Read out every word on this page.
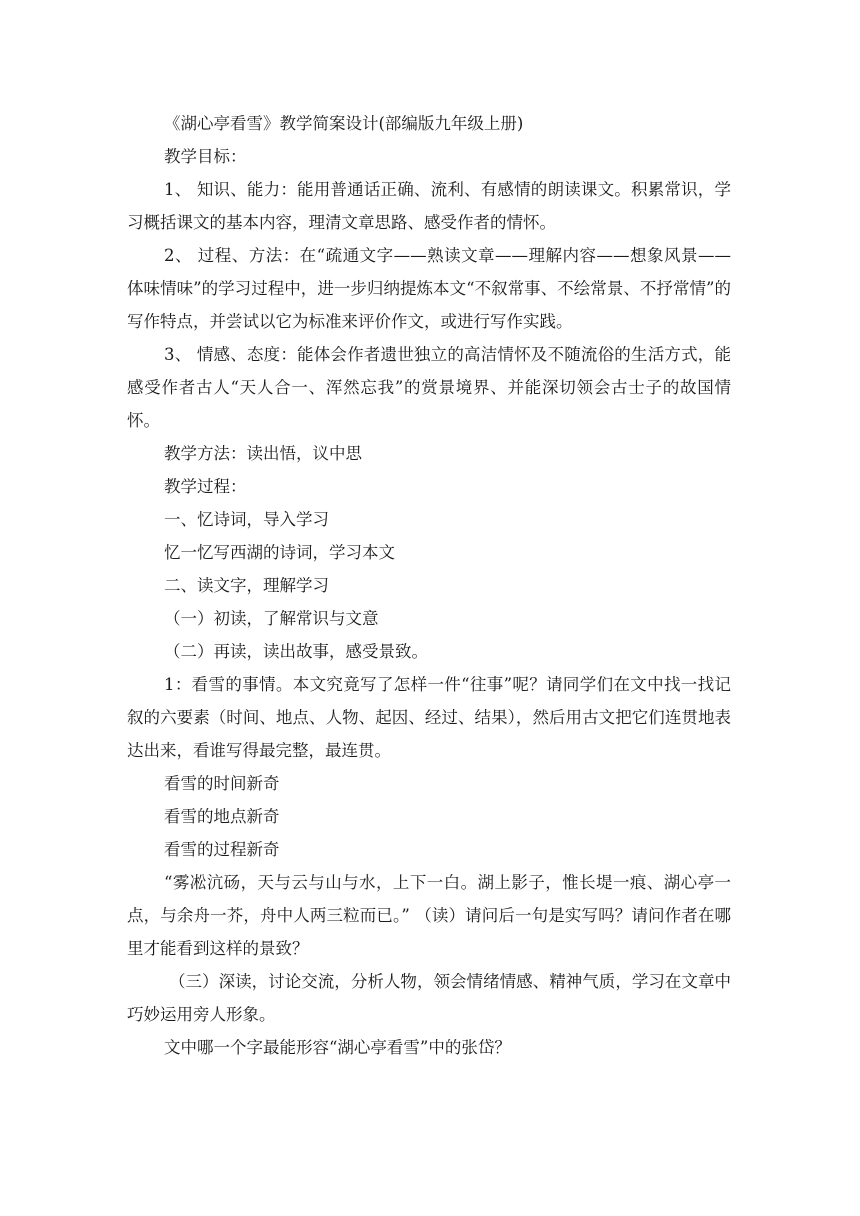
《湖心亭看雪》教学简案设计(部编版九年级上册)

教学目标：

1、 知识、能力：能用普通话正确、流利、有感情的朗读课文。积累常识，学习概括课文的基本内容，理清文章思路、感受作者的情怀。

2、 过程、方法：在“疏通文字——熟读文章——理解内容——想象风景——体味情味”的学习过程中，进一步归纳提炼本文“不叙常事、不绘常景、不抒常情”的写作特点，并尝试以它为标准来评价作文，或进行写作实践。

3、 情感、态度：能体会作者遗世独立的高洁情怀及不随流俗的生活方式，能感受作者古人“天人合一、浑然忘我”的赏景境界、并能深切领会古士子的故国情怀。

教学方法：读出悟，议中思

教学过程：

一、忆诗词，导入学习

忆一忆写西湖的诗词，学习本文

二、读文字，理解学习

（一）初读，了解常识与文意

（二）再读，读出故事，感受景致。

1：看雪的事情。本文究竟写了怎样一件“往事”呢？请同学们在文中找一找记叙的六要素（时间、地点、人物、起因、经过、结果），然后用古文把它们连贯地表达出来，看谁写得最完整，最连贯。

看雪的时间新奇

看雪的地点新奇

看雪的过程新奇

“雾凇沆砀，天与云与山与水，上下一白。湖上影子，惟长堤一痕、湖心亭一点，与余舟一芥，舟中人两三粒而已。” （读）请问后一句是实写吗？请问作者在哪里才能看到这样的景致？

（三）深读，讨论交流，分析人物，领会情绪情感、精神气质，学习在文章中巧妙运用旁人形象。

文中哪一个字最能形容“湖心亭看雪”中的张岱？
